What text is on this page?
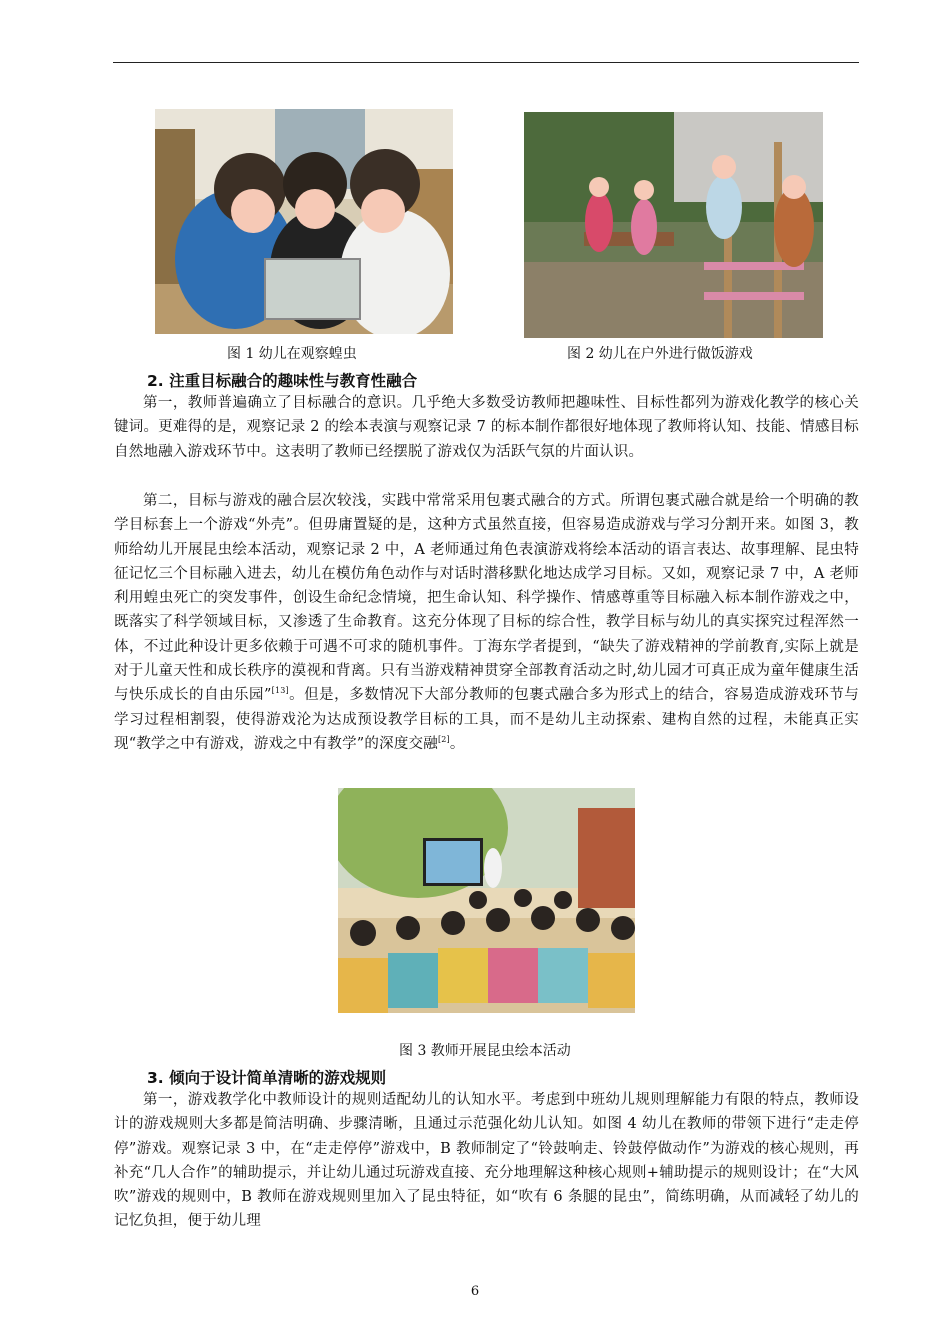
图 1 幼儿在观察蝗虫	图 2 幼儿在户外进行做饭游戏
2. 注重目标融合的趣味性与教育性融合

第一，教师普遍确立了目标融合的意识。几乎绝大多数受访教师把趣味性、目标性都列为游戏化教学的核心关键词。更难得的是，观察记录 2 的绘本表演与观察记录 7 的标本制作都很好地体现了教师将认知、技能、情感目标自然地融入游戏环节中。这表明了教师已经摆脱了游戏仅为活跃气氛的片面认识。

第二，目标与游戏的融合层次较浅，实践中常常采用包裹式融合的方式。所谓包裹式融合就是给一个明确的教学目标套上一个游戏“外壳”。但毋庸置疑的是，这种方式虽然直接，但容易造成游戏与学习分割开来。如图 3，教师给幼儿开展昆虫绘本活动，观察记录 2 中，A 老师通过角色表演游戏将绘本活动的语言表达、故事理解、昆虫特征记忆三个目标融入进去，幼儿在模仿角色动作与对话时潜移默化地达成学习目标。又如，观察记录 7 中，A 老师利用蝗虫死亡的突发事件，创设生命纪念情境，把生命认知、科学操作、情感尊重等目标融入标本制作游戏之中，既落实了科学领域目标，又渗透了生命教育。这充分体现了目标的综合性，教学目标与幼儿的真实探究过程浑然一体，不过此种设计更多依赖于可遇不可求的随机事件。丁海东学者提到，“缺失了游戏精神的学前教育,实际上就是对于儿童天性和成长秩序的漠视和背离。只有当游戏精神贯穿全部教育活动之时,幼儿园才可真正成为童年健康生活与快乐成长的自由乐园”[13]。但是，多数情况下大部分教师的包裹式融合多为形式上的结合，容易造成游戏环节与学习过程相割裂，使得游戏沦为达成预设教学目标的工具，而不是幼儿主动探索、建构自然的过程，未能真正实现“教学之中有游戏，游戏之中有教学”的深度交融[2]。

图 3 教师开展昆虫绘本活动
3. 倾向于设计简单清晰的游戏规则

第一，游戏教学化中教师设计的规则适配幼儿的认知水平。考虑到中班幼儿规则理解能力有限的特点，教师设计的游戏规则大多都是简洁明确、步骤清晰，且通过示范强化幼儿认知。如图 4 幼儿在教师的带领下进行“走走停停”游戏。观察记录 3 中，在“走走停停”游戏中，B 教师制定了“铃鼓响走、铃鼓停做动作”为游戏的核心规则，再补充“几人合作”的辅助提示，并让幼儿通过玩游戏直接、充分地理解这种核心规则+辅助提示的规则设计；在“大风吹”游戏的规则中，B 教师在游戏规则里加入了昆虫特征，如“吹有 6 条腿的昆虫”，简练明确，从而减轻了幼儿的记忆负担，便于幼儿理

6
